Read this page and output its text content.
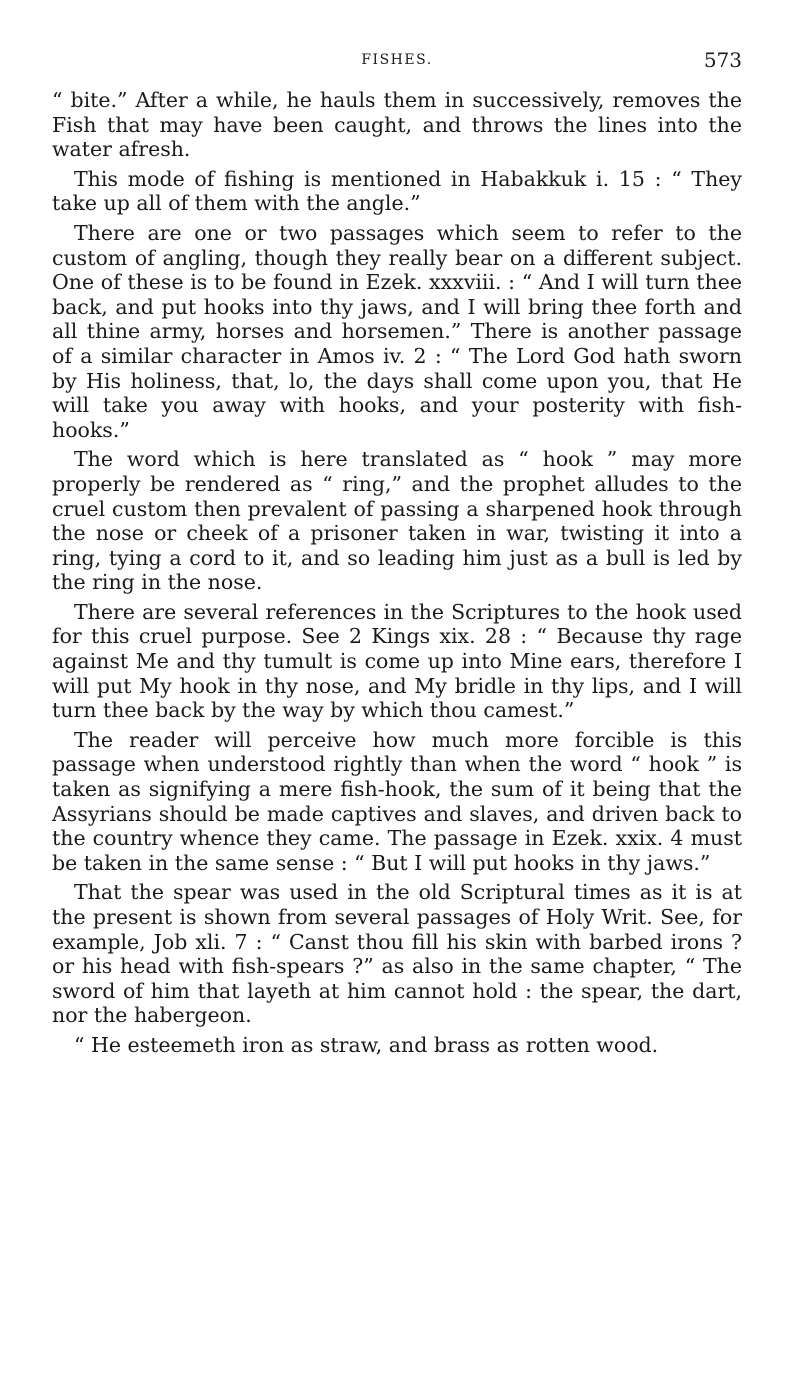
FISHES.	573

“ bite.” After a while, he hauls them in successively, removes the Fish that may have been caught, and throws the lines into the water afresh.

This mode of fishing is mentioned in Habakkuk i. 15 : “ They take up all of them with the angle.”

There are one or two passages which seem to refer to the custom of angling, though they really bear on a different subject. One of these is to be found in Ezek. xxxviii. : “ And I will turn thee back, and put hooks into thy jaws, and I will bring thee forth and all thine army, horses and horsemen.” There is another passage of a similar character in Amos iv. 2 : “ The Lord God hath sworn by His holiness, that, lo, the days shall come upon you, that He will take you away with hooks, and your posterity with fish-hooks.”

The word which is here translated as “ hook ” may more properly be rendered as “ ring,” and the prophet alludes to the cruel custom then prevalent of passing a sharpened hook through the nose or cheek of a prisoner taken in war, twisting it into a ring, tying a cord to it, and so leading him just as a bull is led by the ring in the nose.

There are several references in the Scriptures to the hook used for this cruel purpose. See 2 Kings xix. 28 : “ Because thy rage against Me and thy tumult is come up into Mine ears, therefore I will put My hook in thy nose, and My bridle in thy lips, and I will turn thee back by the way by which thou camest.”

The reader will perceive how much more forcible is this passage when understood rightly than when the word “ hook ” is taken as signifying a mere fish-hook, the sum of it being that the Assyrians should be made captives and slaves, and driven back to the country whence they came. The passage in Ezek. xxix. 4 must be taken in the same sense : “ But I will put hooks in thy jaws.”

That the spear was used in the old Scriptural times as it is at the present is shown from several passages of Holy Writ. See, for example, Job xli. 7 : “ Canst thou fill his skin with barbed irons ? or his head with fish-spears ?” as also in the same chapter, “ The sword of him that layeth at him cannot hold : the spear, the dart, nor the habergeon.

“ He esteemeth iron as straw, and brass as rotten wood.
